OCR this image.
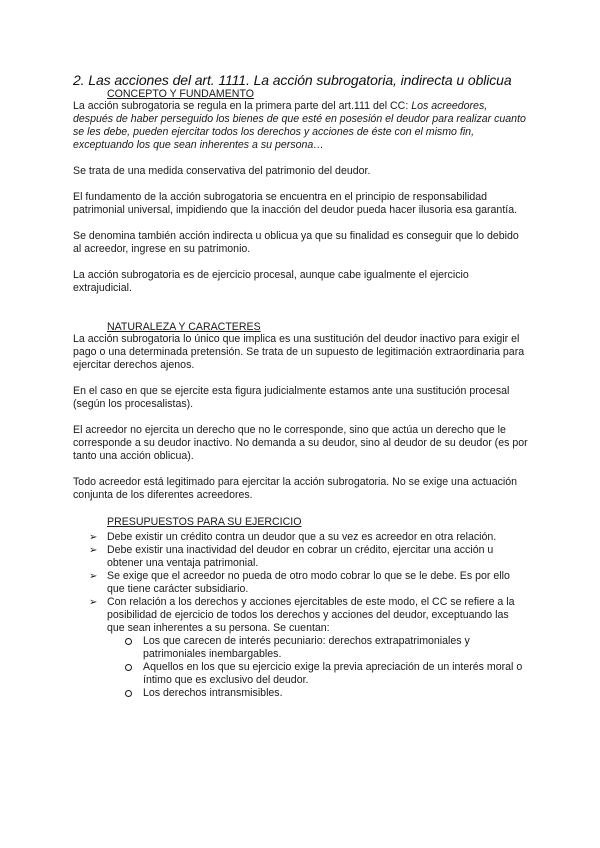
2. Las acciones del art. 1111. La acción subrogatoria, indirecta u oblicua
CONCEPTO Y FUNDAMENTO

La acción subrogatoria se regula en la primera parte del art.111 del CC: Los acreedores, después de haber perseguido los bienes de que esté en posesión el deudor para realizar cuanto se les debe, pueden ejercitar todos los derechos y acciones de éste con el mismo fin, exceptuando los que sean inherentes a su persona…

Se trata de una medida conservativa del patrimonio del deudor.

El fundamento de la acción subrogatoria se encuentra en el principio de responsabilidad patrimonial universal, impidiendo que la inacción del deudor pueda hacer ilusoria esa garantía.

Se denomina también acción indirecta u oblicua ya que su finalidad es conseguir que lo debido al acreedor, ingrese en su patrimonio.

La acción subrogatoria es de ejercicio procesal, aunque cabe igualmente el ejercicio extrajudicial.

NATURALEZA Y CARACTERES

La acción subrogatoria lo único que implica es una sustitución del deudor inactivo para exigir el pago o una determinada pretensión. Se trata de un supuesto de legitimación extraordinaria para ejercitar derechos ajenos.

En el caso en que se ejercite esta figura judicialmente estamos ante una sustitución procesal (según los procesalistas).

El acreedor no ejercita un derecho que no le corresponde, sino que actúa un derecho que le corresponde a su deudor inactivo. No demanda a su deudor, sino al deudor de su deudor (es por tanto una acción oblicua).

Todo acreedor está legitimado para ejercitar la acción subrogatoria. No se exige una actuación conjunta de los diferentes acreedores.

PRESUPUESTOS PARA SU EJERCICIO
➢ Debe existir un crédito contra un deudor que a su vez es acreedor en otra relación.
➢ Debe existir una inactividad del deudor en cobrar un crédito, ejercitar una acción u obtener una ventaja patrimonial.
➢ Se exige que el acreedor no pueda de otro modo cobrar lo que se le debe. Es por ello que tiene carácter subsidiario.
➢ Con relación a los derechos y acciones ejercitables de este modo, el CC se refiere a la posibilidad de ejercicio de todos los derechos y acciones del deudor, exceptuando las que sean inherentes a su persona. Se cuentan:
Los que carecen de interés pecuniario: derechos extrapatrimoniales y patrimoniales inembargables.
Aquellos en los que su ejercicio exige la previa apreciación de un interés moral o íntimo que es exclusivo del deudor.
Los derechos intransmisibles.
